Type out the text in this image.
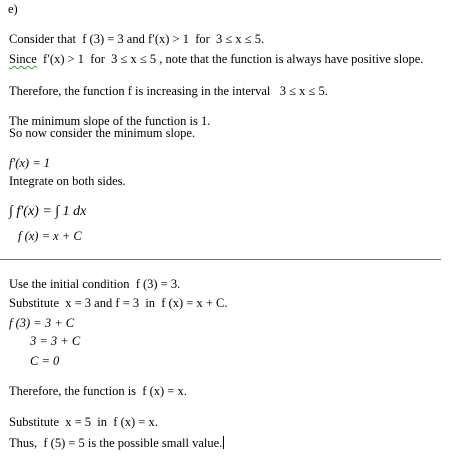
e)
Consider that  f (3) = 3 and f′(x) > 1  for  3 ≤ x ≤ 5.
Since  f′(x) > 1  for  3 ≤ x ≤ 5 , note that the function is always have positive slope.
Therefore, the function f is increasing in the interval   3 ≤ x ≤ 5.
The minimum slope of the function is 1.
So now consider the minimum slope.
f′(x) = 1
Integrate on both sides.
∫ f′(x) = ∫ 1 dx
f (x) = x + C
Use the initial condition  f (3) = 3.
Substitute  x = 3 and f = 3  in  f (x) = x + C.
f (3) = 3 + C
3 = 3 + C
C = 0
Therefore, the function is  f (x) = x.
Substitute  x = 5  in  f (x) = x.
Thus,  f (5) = 5 is the possible small value.
